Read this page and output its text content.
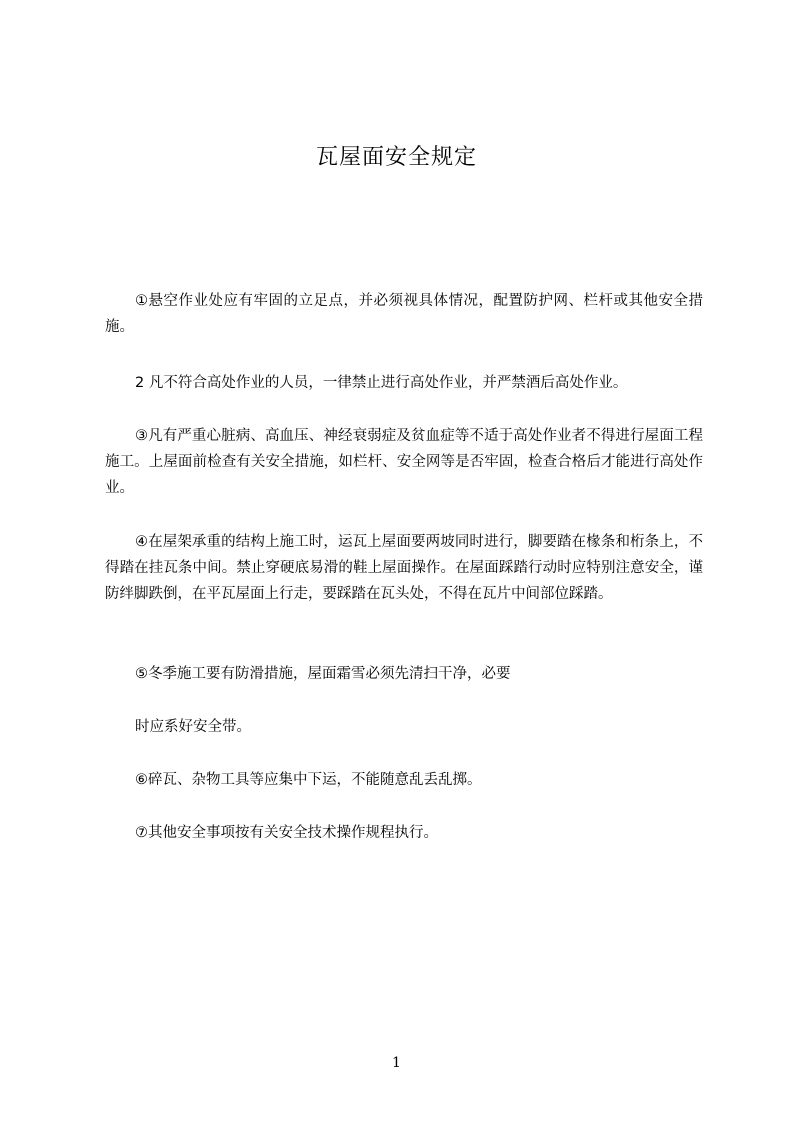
瓦屋面安全规定

①悬空作业处应有牢固的立足点，并必须视具体情况，配置防护网、栏杆或其他安全措施。

2 凡不符合高处作业的人员，一律禁止进行高处作业，并严禁酒后高处作业。

③凡有严重心脏病、高血压、神经衰弱症及贫血症等不适于高处作业者不得进行屋面工程施工。上屋面前检查有关安全措施，如栏杆、安全网等是否牢固，检查合格后才能进行高处作业。

④在屋架承重的结构上施工时，运瓦上屋面要两坡同时进行，脚要踏在椽条和桁条上，不得踏在挂瓦条中间。禁止穿硬底易滑的鞋上屋面操作。在屋面踩踏行动时应特别注意安全，谨防绊脚跌倒，在平瓦屋面上行走，要踩踏在瓦头处，不得在瓦片中间部位踩踏。

⑤冬季施工要有防滑措施，屋面霜雪必须先清扫干净，必要

时应系好安全带。

⑥碎瓦、杂物工具等应集中下运，不能随意乱丢乱掷。

⑦其他安全事项按有关安全技术操作规程执行。

1
